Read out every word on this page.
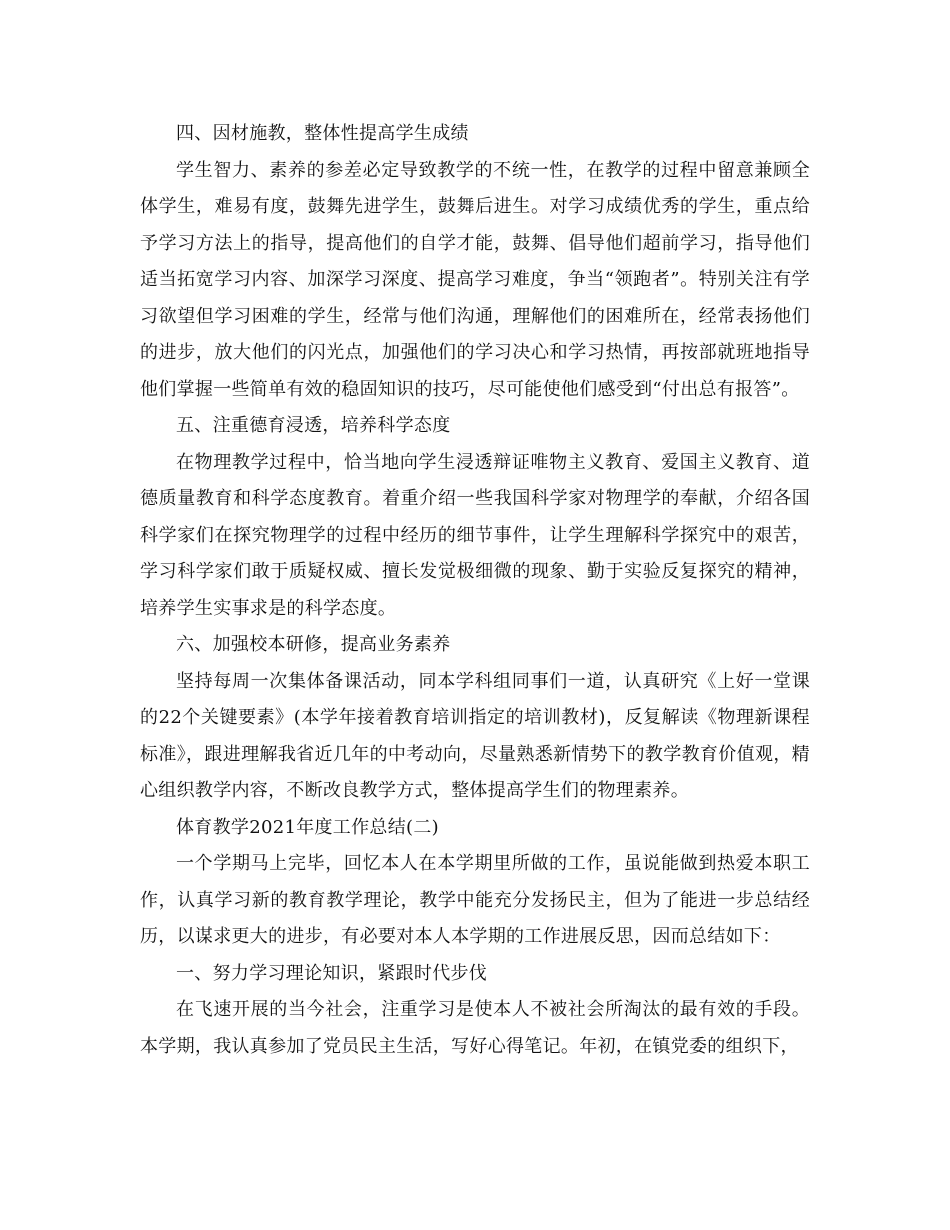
四、因材施教，整体性提高学生成绩

学生智力、素养的参差必定导致教学的不统一性，在教学的过程中留意兼顾全体学生，难易有度，鼓舞先进学生，鼓舞后进生。对学习成绩优秀的学生，重点给予学习方法上的指导，提高他们的自学才能，鼓舞、倡导他们超前学习，指导他们适当拓宽学习内容、加深学习深度、提高学习难度，争当“领跑者”。特别关注有学习欲望但学习困难的学生，经常与他们沟通，理解他们的困难所在，经常表扬他们的进步，放大他们的闪光点，加强他们的学习决心和学习热情，再按部就班地指导他们掌握一些简单有效的稳固知识的技巧，尽可能使他们感受到“付出总有报答”。

五、注重德育浸透，培养科学态度

在物理教学过程中，恰当地向学生浸透辩证唯物主义教育、爱国主义教育、道德质量教育和科学态度教育。着重介绍一些我国科学家对物理学的奉献，介绍各国科学家们在探究物理学的过程中经历的细节事件，让学生理解科学探究中的艰苦，学习科学家们敢于质疑权威、擅长发觉极细微的现象、勤于实验反复探究的精神，培养学生实事求是的科学态度。

六、加强校本研修，提高业务素养

坚持每周一次集体备课活动，同本学科组同事们一道，认真研究《上好一堂课的22个关键要素》(本学年接着教育培训指定的培训教材)，反复解读《物理新课程标准》，跟进理解我省近几年的中考动向，尽量熟悉新情势下的教学教育价值观，精心组织教学内容，不断改良教学方式，整体提高学生们的物理素养。

体育教学2021年度工作总结(二)

一个学期马上完毕，回忆本人在本学期里所做的工作，虽说能做到热爱本职工作，认真学习新的教育教学理论，教学中能充分发扬民主，但为了能进一步总结经历，以谋求更大的进步，有必要对本人本学期的工作进展反思，因而总结如下：

一、努力学习理论知识，紧跟时代步伐

在飞速开展的当今社会，注重学习是使本人不被社会所淘汰的最有效的手段。本学期，我认真参加了党员民主生活，写好心得笔记。年初，在镇党委的组织下，
